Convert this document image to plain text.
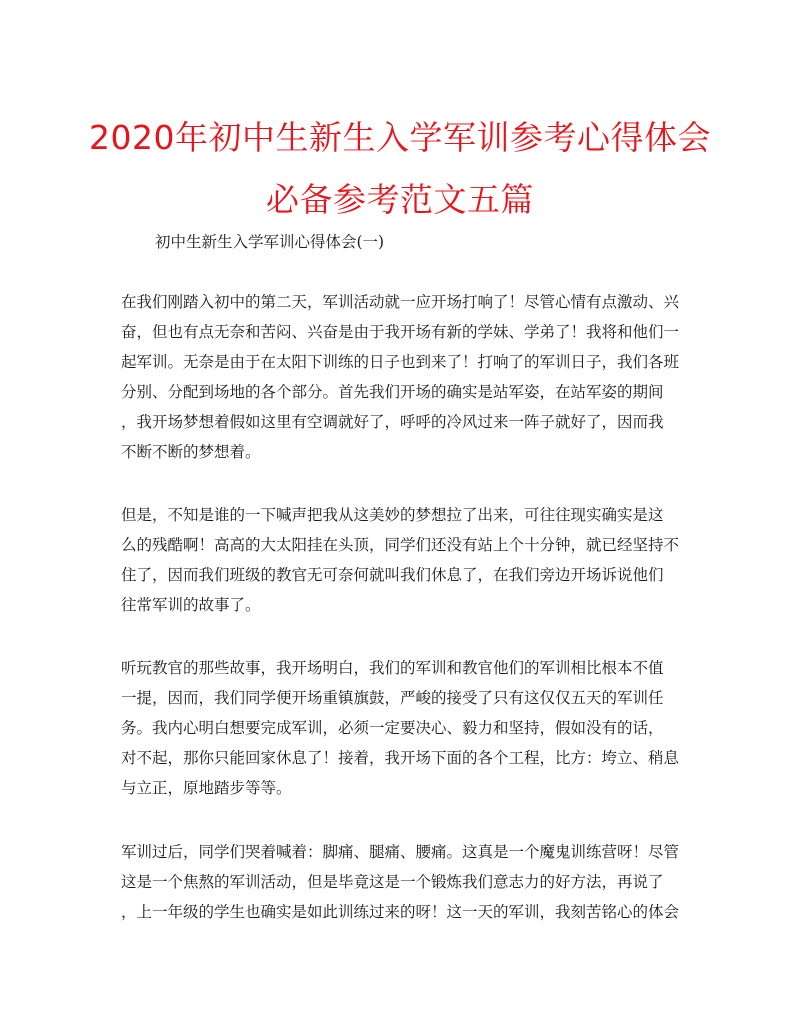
2020年初中生新生入学军训参考心得体会
必备参考范文五篇

初中生新生入学军训心得体会(一)

在我们刚踏入初中的第二天，军训活动就一应开场打响了！尽管心情有点激动、兴
奋，但也有点无奈和苦闷、兴奋是由于我开场有新的学妹、学弟了！我将和他们一
起军训。无奈是由于在太阳下训练的日子也到来了！打响了的军训日子，我们各班
分别、分配到场地的各个部分。首先我们开场的确实是站军姿，在站军姿的期间
，我开场梦想着假如这里有空调就好了，呼呼的冷风过来一阵子就好了，因而我
不断不断的梦想着。
但是，不知是谁的一下喊声把我从这美妙的梦想拉了出来，可往往现实确实是这
么的残酷啊！高高的大太阳挂在头顶，同学们还没有站上个十分钟，就已经坚持不
住了，因而我们班级的教官无可奈何就叫我们休息了，在我们旁边开场诉说他们
往常军训的故事了。
听玩教官的那些故事，我开场明白，我们的军训和教官他们的军训相比根本不值
一提，因而，我们同学便开场重镇旗鼓，严峻的接受了只有这仅仅五天的军训任
务。我内心明白想要完成军训，必须一定要决心、毅力和坚持，假如没有的话，
对不起，那你只能回家休息了！接着，我开场下面的各个工程，比方：垮立、稍息
与立正，原地踏步等等。
军训过后，同学们哭着喊着：脚痛、腿痛、腰痛。这真是一个魔鬼训练营呀！尽管
这是一个焦熬的军训活动，但是毕竟这是一个锻炼我们意志力的好方法，再说了
，上一年级的学生也确实是如此训练过来的呀！这一天的军训，我刻苦铭心的体会
